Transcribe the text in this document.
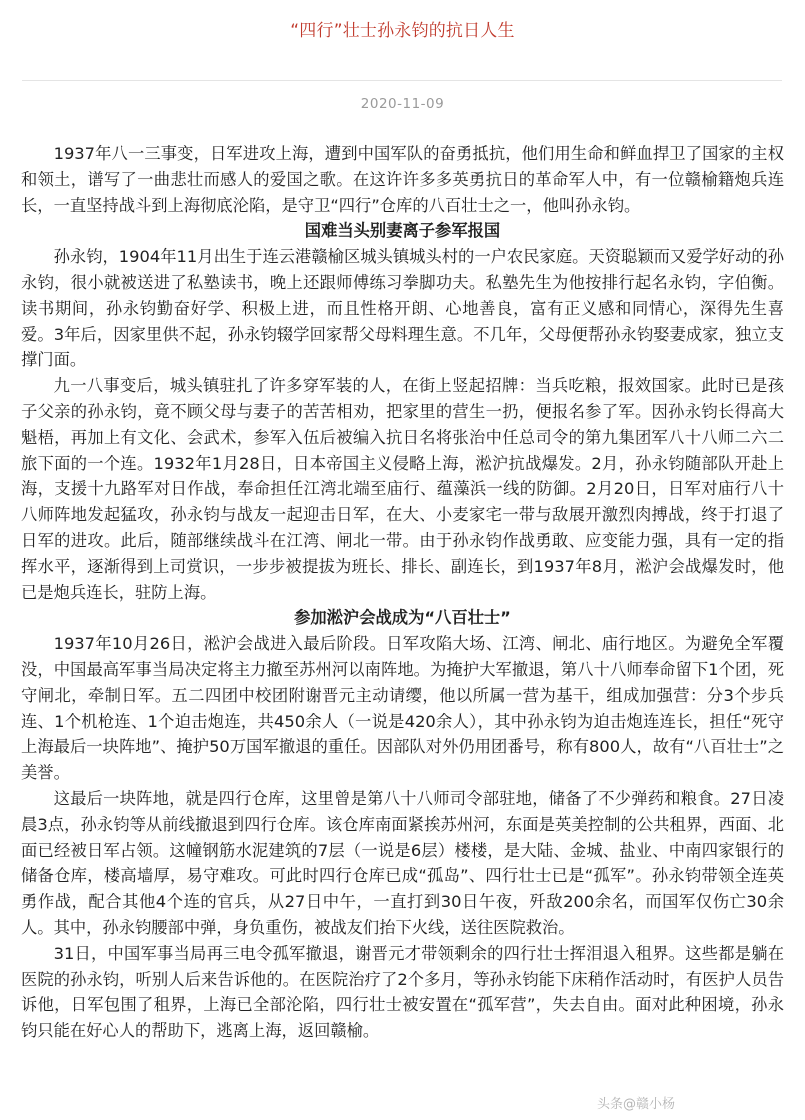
“四行”壮士孙永钧的抗日人生
2020-11-09

1937年八一三事变，日军进攻上海，遭到中国军队的奋勇抵抗，他们用生命和鲜血捍卫了国家的主权和领土，谱写了一曲悲壮而感人的爱国之歌。在这许许多多英勇抗日的革命军人中，有一位赣榆籍炮兵连长，一直坚持战斗到上海彻底沦陷，是守卫“四行”仓库的八百壮士之一，他叫孙永钧。

国难当头别妻离子参军报国

孙永钧，1904年11月出生于连云港赣榆区城头镇城头村的一户农民家庭。天资聪颖而又爱学好动的孙永钧，很小就被送进了私塾读书，晚上还跟师傅练习拳脚功夫。私塾先生为他按排行起名永钧，字伯衡。读书期间，孙永钧勤奋好学、积极上进，而且性格开朗、心地善良，富有正义感和同情心，深得先生喜爱。3年后，因家里供不起，孙永钧辍学回家帮父母料理生意。不几年，父母便帮孙永钧娶妻成家，独立支撑门面。

九一八事变后，城头镇驻扎了许多穿军装的人，在街上竖起招牌：当兵吃粮，报效国家。此时已是孩子父亲的孙永钧，竟不顾父母与妻子的苦苦相劝，把家里的营生一扔，便报名参了军。因孙永钧长得高大魁梧，再加上有文化、会武术，参军入伍后被编入抗日名将张治中任总司令的第九集团军八十八师二六二旅下面的一个连。1932年1月28日，日本帝国主义侵略上海，淞沪抗战爆发。2月，孙永钧随部队开赴上海，支援十九路军对日作战，奉命担任江湾北端至庙行、蕴藻浜一线的防御。2月20日，日军对庙行八十八师阵地发起猛攻，孙永钧与战友一起迎击日军，在大、小麦家宅一带与敌展开激烈肉搏战，终于打退了日军的进攻。此后，随部继续战斗在江湾、闸北一带。由于孙永钧作战勇敢、应变能力强，具有一定的指挥水平，逐渐得到上司赏识，一步步被提拔为班长、排长、副连长，到1937年8月，淞沪会战爆发时，他已是炮兵连长，驻防上海。

参加淞沪会战成为“八百壮士”

1937年10月26日，淞沪会战进入最后阶段。日军攻陷大场、江湾、闸北、庙行地区。为避免全军覆没，中国最高军事当局决定将主力撤至苏州河以南阵地。为掩护大军撤退，第八十八师奉命留下1个团，死守闸北，牵制日军。五二四团中校团附谢晋元主动请缨，他以所属一营为基干，组成加强营：分3个步兵连、1个机枪连、1个迫击炮连，共450余人（一说是420余人），其中孙永钧为迫击炮连连长，担任“死守上海最后一块阵地”、掩护50万国军撤退的重任。因部队对外仍用团番号，称有800人，故有“八百壮士”之美誉。

这最后一块阵地，就是四行仓库，这里曾是第八十八师司令部驻地，储备了不少弹药和粮食。27日凌晨3点，孙永钧等从前线撤退到四行仓库。该仓库南面紧挨苏州河，东面是英美控制的公共租界，西面、北面已经被日军占领。这幢钢筋水泥建筑的7层（一说是6层）楼楼，是大陆、金城、盐业、中南四家银行的储备仓库，楼高墙厚，易守难攻。可此时四行仓库已成“孤岛”、四行壮士已是“孤军”。孙永钧带领全连英勇作战，配合其他4个连的官兵，从27日中午，一直打到30日午夜，歼敌200余名，而国军仅伤亡30余人。其中，孙永钧腰部中弹，身负重伤，被战友们抬下火线，送往医院救治。

31日，中国军事当局再三电令孤军撤退，谢晋元才带领剩余的四行壮士挥泪退入租界。这些都是躺在医院的孙永钧，听别人后来告诉他的。在医院治疗了2个多月，等孙永钧能下床稍作活动时，有医护人员告诉他，日军包围了租界，上海已全部沦陷，四行壮士被安置在“孤军营”，失去自由。面对此种困境，孙永钧只能在好心人的帮助下，逃离上海，返回赣榆。

头条@赣小杨
